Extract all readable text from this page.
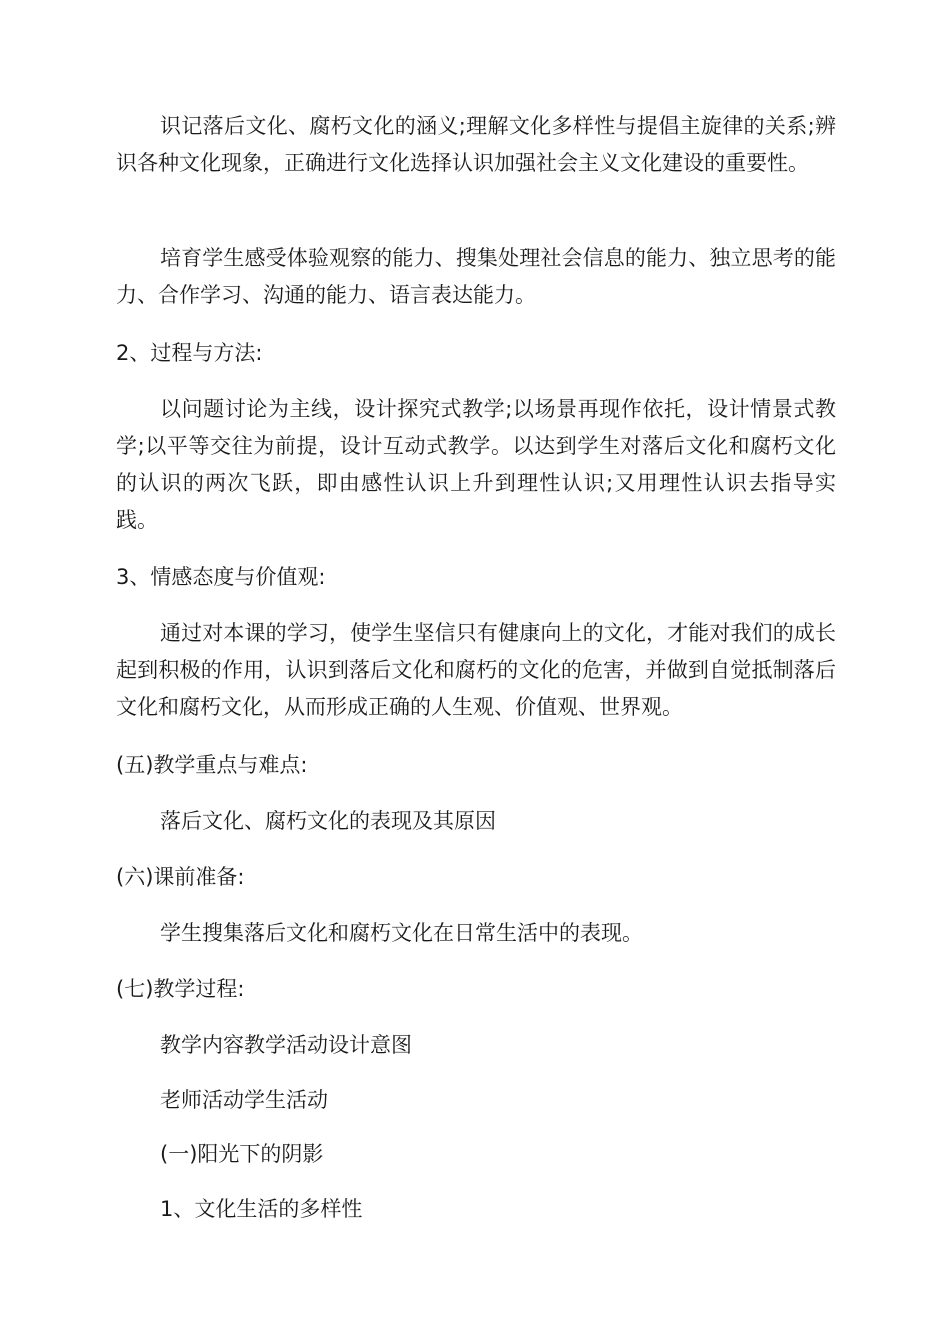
识记落后文化、腐朽文化的涵义;理解文化多样性与提倡主旋律的关系;辨识各种文化现象，正确进行文化选择认识加强社会主义文化建设的重要性。

培育学生感受体验观察的能力、搜集处理社会信息的能力、独立思考的能力、合作学习、沟通的能力、语言表达能力。

2、过程与方法:

以问题讨论为主线，设计探究式教学;以场景再现作依托，设计情景式教学;以平等交往为前提，设计互动式教学。以达到学生对落后文化和腐朽文化的认识的两次飞跃，即由感性认识上升到理性认识;又用理性认识去指导实践。

3、情感态度与价值观:

通过对本课的学习，使学生坚信只有健康向上的文化，才能对我们的成长起到积极的作用，认识到落后文化和腐朽的文化的危害，并做到自觉抵制落后文化和腐朽文化，从而形成正确的人生观、价值观、世界观。

(五)教学重点与难点:

落后文化、腐朽文化的表现及其原因

(六)课前准备:

学生搜集落后文化和腐朽文化在日常生活中的表现。

(七)教学过程:

教学内容教学活动设计意图

老师活动学生活动

(一)阳光下的阴影

1、文化生活的多样性
